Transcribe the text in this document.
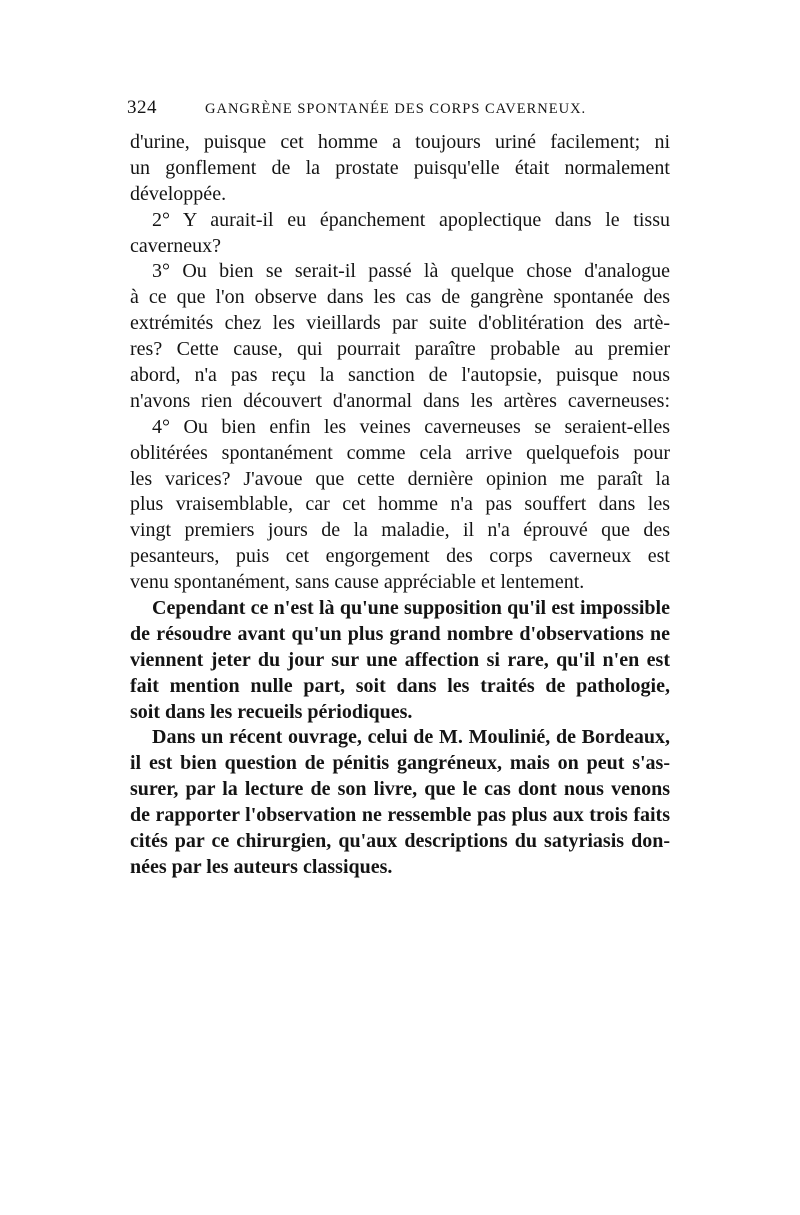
324	GANGRÈNE SPONTANÉE DES CORPS CAVERNEUX.
d'urine, puisque cet homme a toujours uriné facilement; ni
un gonflement de la prostate puisqu'elle était normalement
développée.
2° Y aurait-il eu épanchement apoplectique dans le tissu
caverneux?
3° Ou bien se serait-il passé là quelque chose d'analogue
à ce que l'on observe dans les cas de gangrène spontanée des
extrémités chez les vieillards par suite d'oblitération des artè-
res? Cette cause, qui pourrait paraître probable au premier
abord, n'a pas reçu la sanction de l'autopsie, puisque nous
n'avons rien découvert d'anormal dans les artères caverneuses:
4° Ou bien enfin les veines caverneuses se seraient-elles
oblitérées spontanément comme cela arrive quelquefois pour
les varices? J'avoue que cette dernière opinion me paraît la
plus vraisemblable, car cet homme n'a pas souffert dans les
vingt premiers jours de la maladie, il n'a éprouvé que des
pesanteurs, puis cet engorgement des corps caverneux est
venu spontanément, sans cause appréciable et lentement.
Cependant ce n'est là qu'une supposition qu'il est impossible
de résoudre avant qu'un plus grand nombre d'observations ne
viennent jeter du jour sur une affection si rare, qu'il n'en est
fait mention nulle part, soit dans les traités de pathologie,
soit dans les recueils périodiques.
Dans un récent ouvrage, celui de M. Moulinié, de Bordeaux,
il est bien question de pénitis gangréneux, mais on peut s'as-
surer, par la lecture de son livre, que le cas dont nous venons
de rapporter l'observation ne ressemble pas plus aux trois faits
cités par ce chirurgien, qu'aux descriptions du satyriasis don-
nées par les auteurs classiques.
